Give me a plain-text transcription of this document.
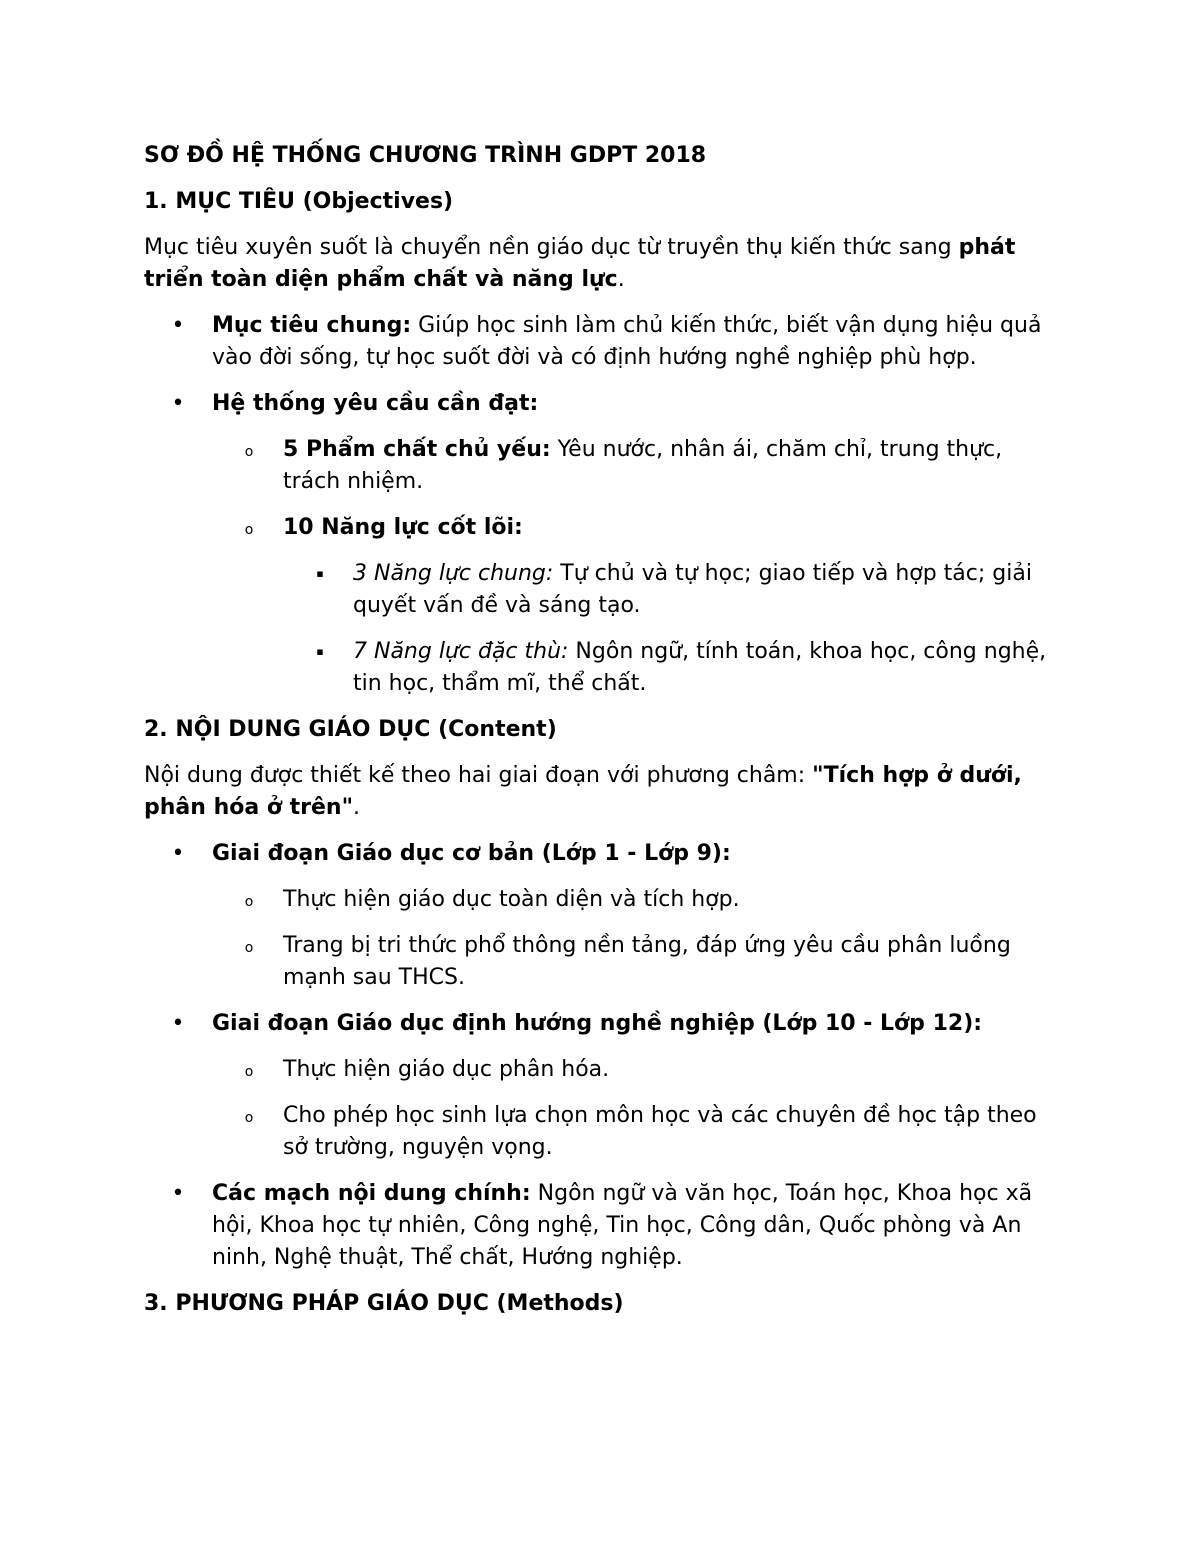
SƠ ĐỒ HỆ THỐNG CHƯƠNG TRÌNH GDPT 2018
1. MỤC TIÊU (Objectives)

Mục tiêu xuyên suốt là chuyển nền giáo dục từ truyền thụ kiến thức sang phát triển toàn diện phẩm chất và năng lực.

• Mục tiêu chung: Giúp học sinh làm chủ kiến thức, biết vận dụng hiệu quả vào đời sống, tự học suốt đời và có định hướng nghề nghiệp phù hợp.
• Hệ thống yêu cầu cần đạt:
o 5 Phẩm chất chủ yếu: Yêu nước, nhân ái, chăm chỉ, trung thực, trách nhiệm.
o 10 Năng lực cốt lõi:
▪ 3 Năng lực chung: Tự chủ và tự học; giao tiếp và hợp tác; giải quyết vấn đề và sáng tạo.
▪ 7 Năng lực đặc thù: Ngôn ngữ, tính toán, khoa học, công nghệ, tin học, thẩm mĩ, thể chất.
2. NỘI DUNG GIÁO DỤC (Content)

Nội dung được thiết kế theo hai giai đoạn với phương châm: "Tích hợp ở dưới, phân hóa ở trên".

• Giai đoạn Giáo dục cơ bản (Lớp 1 - Lớp 9):
o Thực hiện giáo dục toàn diện và tích hợp.
o Trang bị tri thức phổ thông nền tảng, đáp ứng yêu cầu phân luồng mạnh sau THCS.
• Giai đoạn Giáo dục định hướng nghề nghiệp (Lớp 10 - Lớp 12):
o Thực hiện giáo dục phân hóa.
o Cho phép học sinh lựa chọn môn học và các chuyên đề học tập theo sở trường, nguyện vọng.
• Các mạch nội dung chính: Ngôn ngữ và văn học, Toán học, Khoa học xã hội, Khoa học tự nhiên, Công nghệ, Tin học, Công dân, Quốc phòng và An ninh, Nghệ thuật, Thể chất, Hướng nghiệp.
3. PHƯƠNG PHÁP GIÁO DỤC (Methods)
